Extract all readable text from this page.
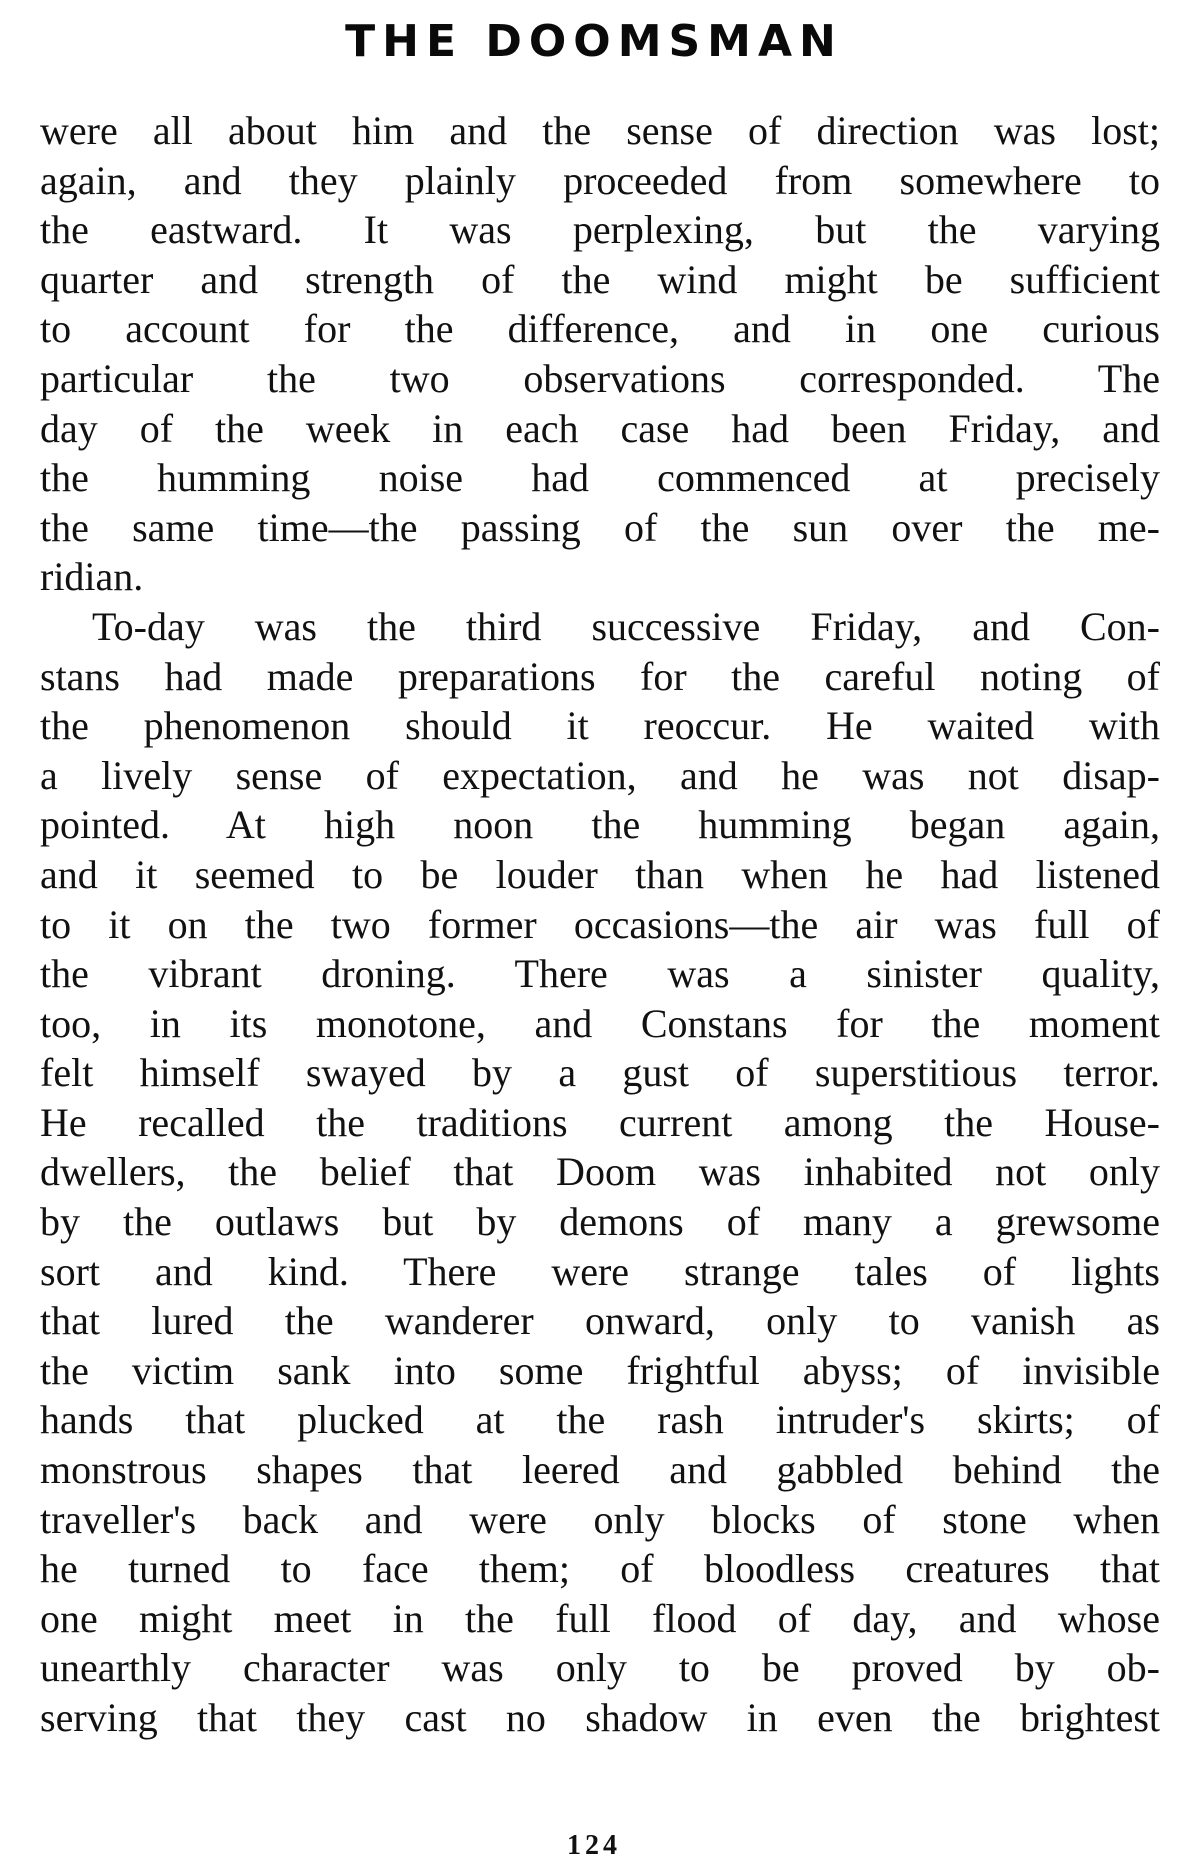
THE DOOMSMAN
were all about him and the sense of direction was lost;
again, and they plainly proceeded from somewhere to
the eastward. It was perplexing, but the varying
quarter and strength of the wind might be sufficient
to account for the difference, and in one curious
particular the two observations corresponded. The
day of the week in each case had been Friday, and
the humming noise had commenced at precisely
the same time—the passing of the sun over the me-
ridian.
To-day was the third successive Friday, and Con-
stans had made preparations for the careful noting of
the phenomenon should it reoccur. He waited with
a lively sense of expectation, and he was not disap-
pointed. At high noon the humming began again,
and it seemed to be louder than when he had listened
to it on the two former occasions—the air was full of
the vibrant droning. There was a sinister quality,
too, in its monotone, and Constans for the moment
felt himself swayed by a gust of superstitious terror.
He recalled the traditions current among the House-
dwellers, the belief that Doom was inhabited not only
by the outlaws but by demons of many a grewsome
sort and kind. There were strange tales of lights
that lured the wanderer onward, only to vanish as
the victim sank into some frightful abyss; of invisible
hands that plucked at the rash intruder's skirts; of
monstrous shapes that leered and gabbled behind the
traveller's back and were only blocks of stone when
he turned to face them; of bloodless creatures that
one might meet in the full flood of day, and whose
unearthly character was only to be proved by ob-
serving that they cast no shadow in even the brightest
124
